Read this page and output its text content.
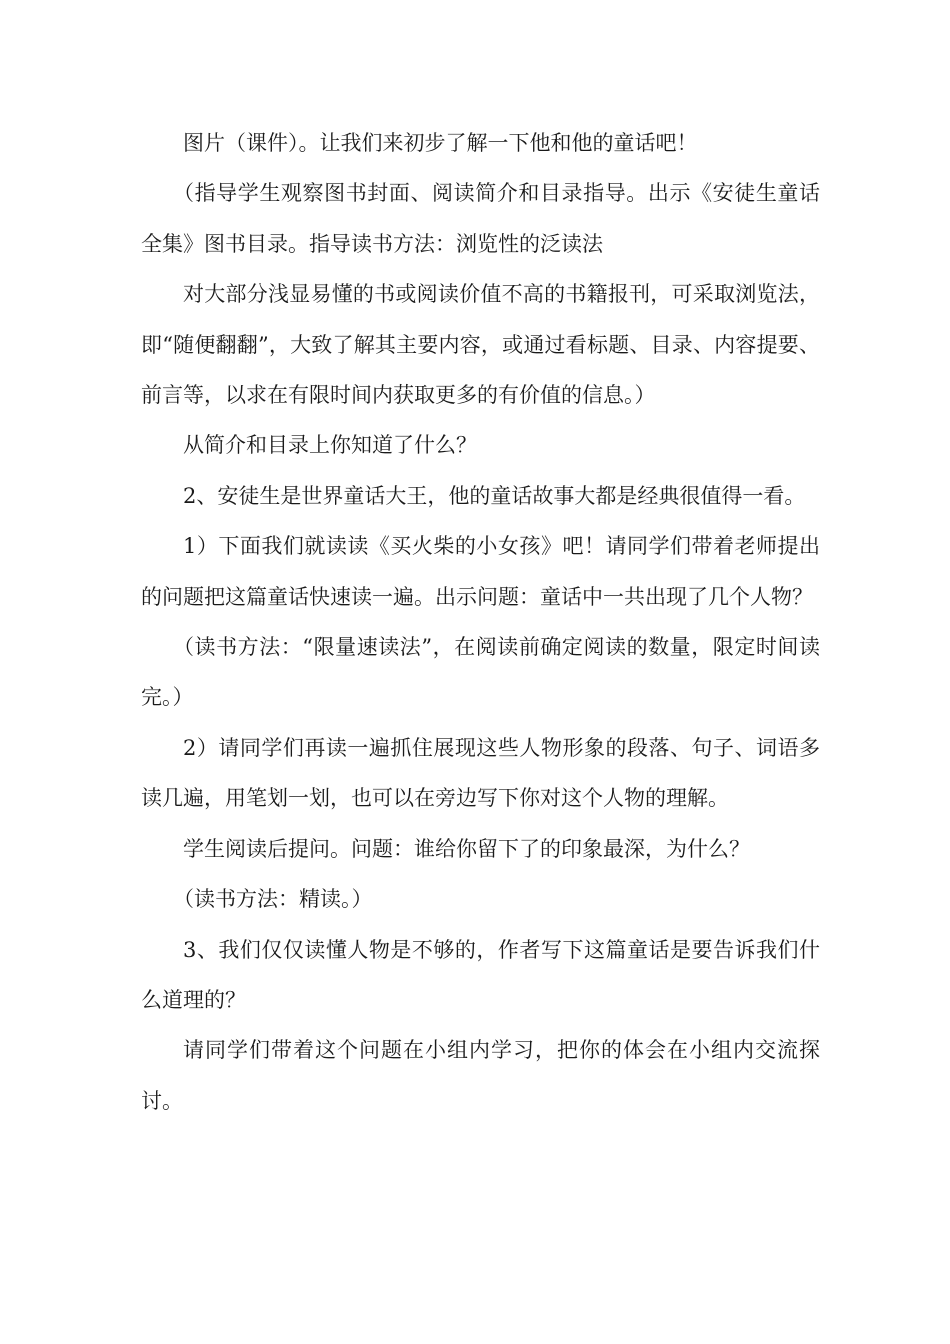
图片（课件）。让我们来初步了解一下他和他的童话吧！

（指导学生观察图书封面、阅读简介和目录指导。出示《安徒生童话全集》图书目录。指导读书方法：浏览性的泛读法

对大部分浅显易懂的书或阅读价值不高的书籍报刊，可采取浏览法，即“随便翻翻”，大致了解其主要内容，或通过看标题、目录、内容提要、前言等，以求在有限时间内获取更多的有价值的信息。）

从简介和目录上你知道了什么？

2、安徒生是世界童话大王，他的童话故事大都是经典很值得一看。

1）下面我们就读读《买火柴的小女孩》吧！请同学们带着老师提出的问题把这篇童话快速读一遍。出示问题：童话中一共出现了几个人物？

（读书方法：“限量速读法”，在阅读前确定阅读的数量，限定时间读完。）

2）请同学们再读一遍抓住展现这些人物形象的段落、句子、词语多读几遍，用笔划一划，也可以在旁边写下你对这个人物的理解。

学生阅读后提问。问题：谁给你留下了的印象最深，为什么？

（读书方法：精读。）

3、我们仅仅读懂人物是不够的，作者写下这篇童话是要告诉我们什么道理的？

请同学们带着这个问题在小组内学习，把你的体会在小组内交流探讨。
